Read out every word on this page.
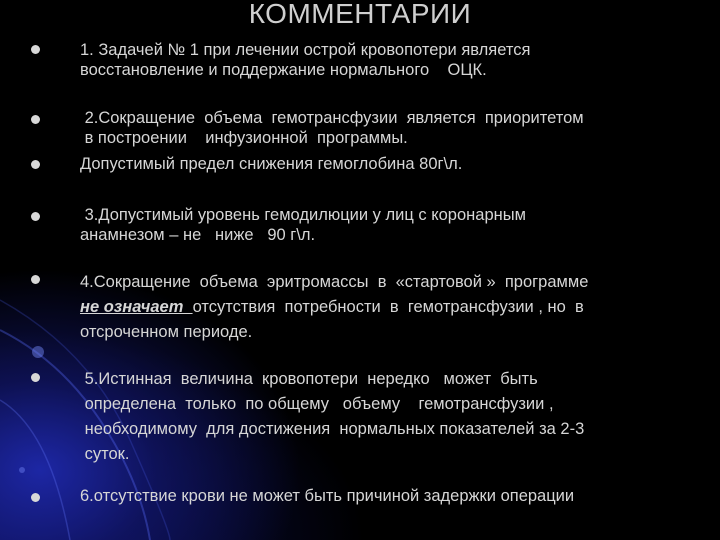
КОММЕНТАРИИ
1. Задачей № 1 при лечении острой кровопотери является
восстановление и поддержание нормального    ОЦК.
2.Сокращение  объема  гемотрансфузии  является  приоритетом
в построении    инфузионной  программы.
Допустимый предел снижения гемоглобина 80г\л.
3.Допустимый уровень гемодилюции у лиц с коронарным
анамнезом – не   ниже   90 г\л.
4.Сокращение  объема  эритромассы  в  «стартовой »  программе
не означает  отсутствия  потребности  в  гемотрансфузии , но  в
отсроченном периоде.
5.Истинная  величина  кровопотери  нередко   может  быть
определена  только  по общему   объему    гемотрансфузии ,
необходимому  для достижения  нормальных показателей за 2-3
суток.
6.отсутствие крови не может быть причиной задержки операции
